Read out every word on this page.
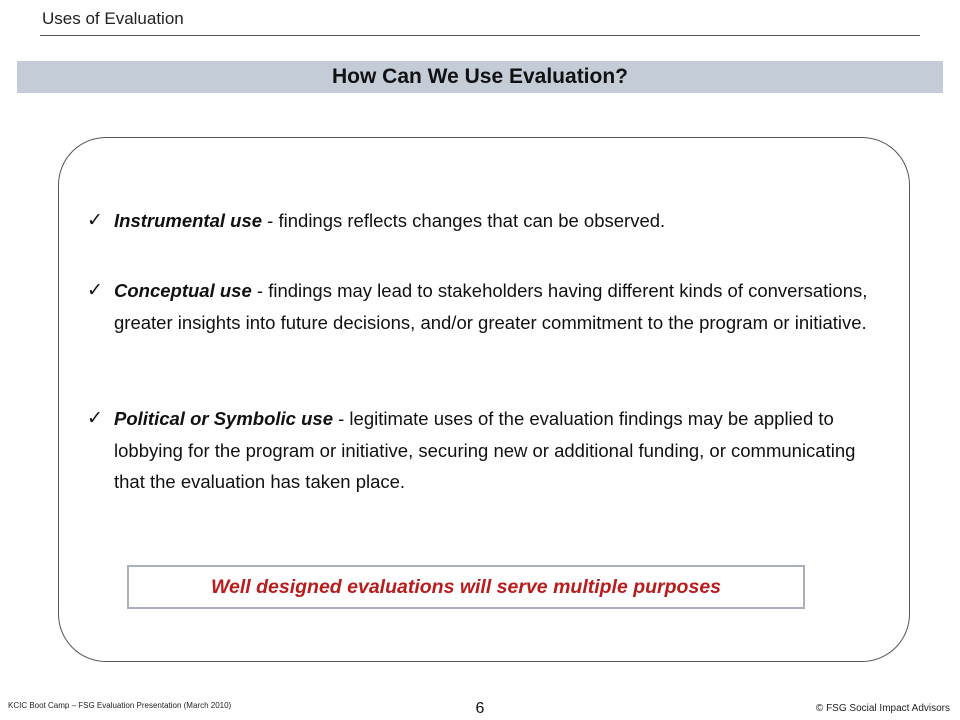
Uses of Evaluation
How Can We Use Evaluation?
✓ Instrumental use - findings reflects changes that can be observed.
✓ Conceptual use - findings may lead to stakeholders having different kinds of conversations, greater insights into future decisions, and/or greater commitment to the program or initiative.
✓ Political or Symbolic use - legitimate uses of the evaluation findings may be applied to lobbying for the program or initiative, securing new or additional funding, or communicating that the evaluation has taken place.
Well designed evaluations will serve multiple purposes
KCIC Boot Camp – FSG Evaluation Presentation (March 2010)	6	© FSG Social Impact Advisors
